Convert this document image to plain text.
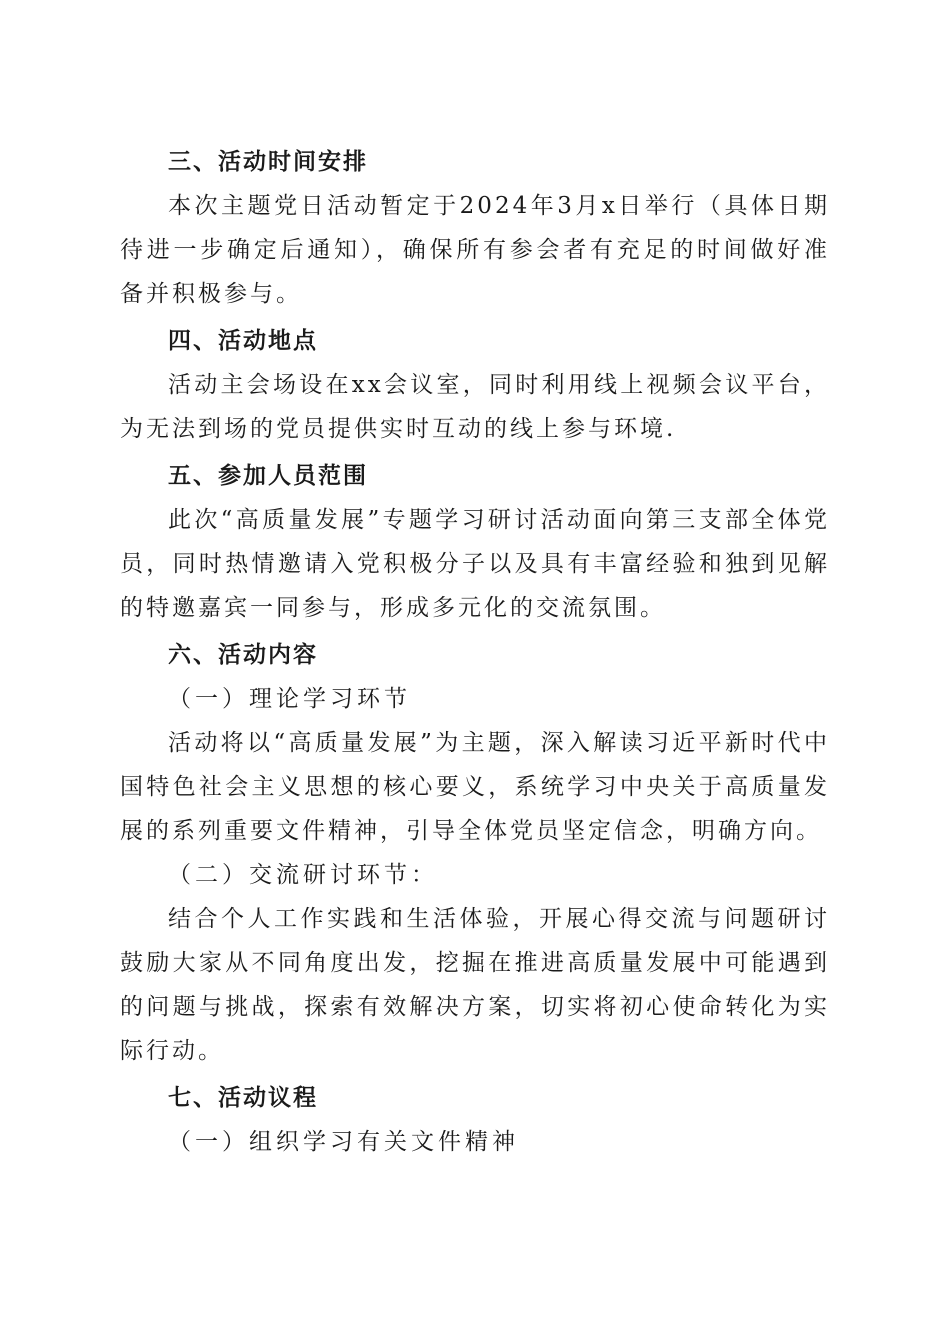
三、活动时间安排

本次主题党日活动暂定于2024年3月x日举行（具体日期待进一步确定后通知），确保所有参会者有充足的时间做好准备并积极参与。

四、活动地点

活动主会场设在xx会议室，同时利用线上视频会议平台，为无法到场的党员提供实时互动的线上参与环境.

五、参加人员范围

此次“高质量发展”专题学习研讨活动面向第三支部全体党员，同时热情邀请入党积极分子以及具有丰富经验和独到见解的特邀嘉宾一同参与，形成多元化的交流氛围。

六、活动内容
（一）理论学习环节

活动将以“高质量发展”为主题，深入解读习近平新时代中国特色社会主义思想的核心要义，系统学习中央关于高质量发展的系列重要文件精神，引导全体党员坚定信念，明确方向。

（二）交流研讨环节：

结合个人工作实践和生活体验，开展心得交流与问题研讨鼓励大家从不同角度出发，挖掘在推进高质量发展中可能遇到的问题与挑战，探索有效解决方案，切实将初心使命转化为实际行动。

七、活动议程
（一）组织学习有关文件精神
